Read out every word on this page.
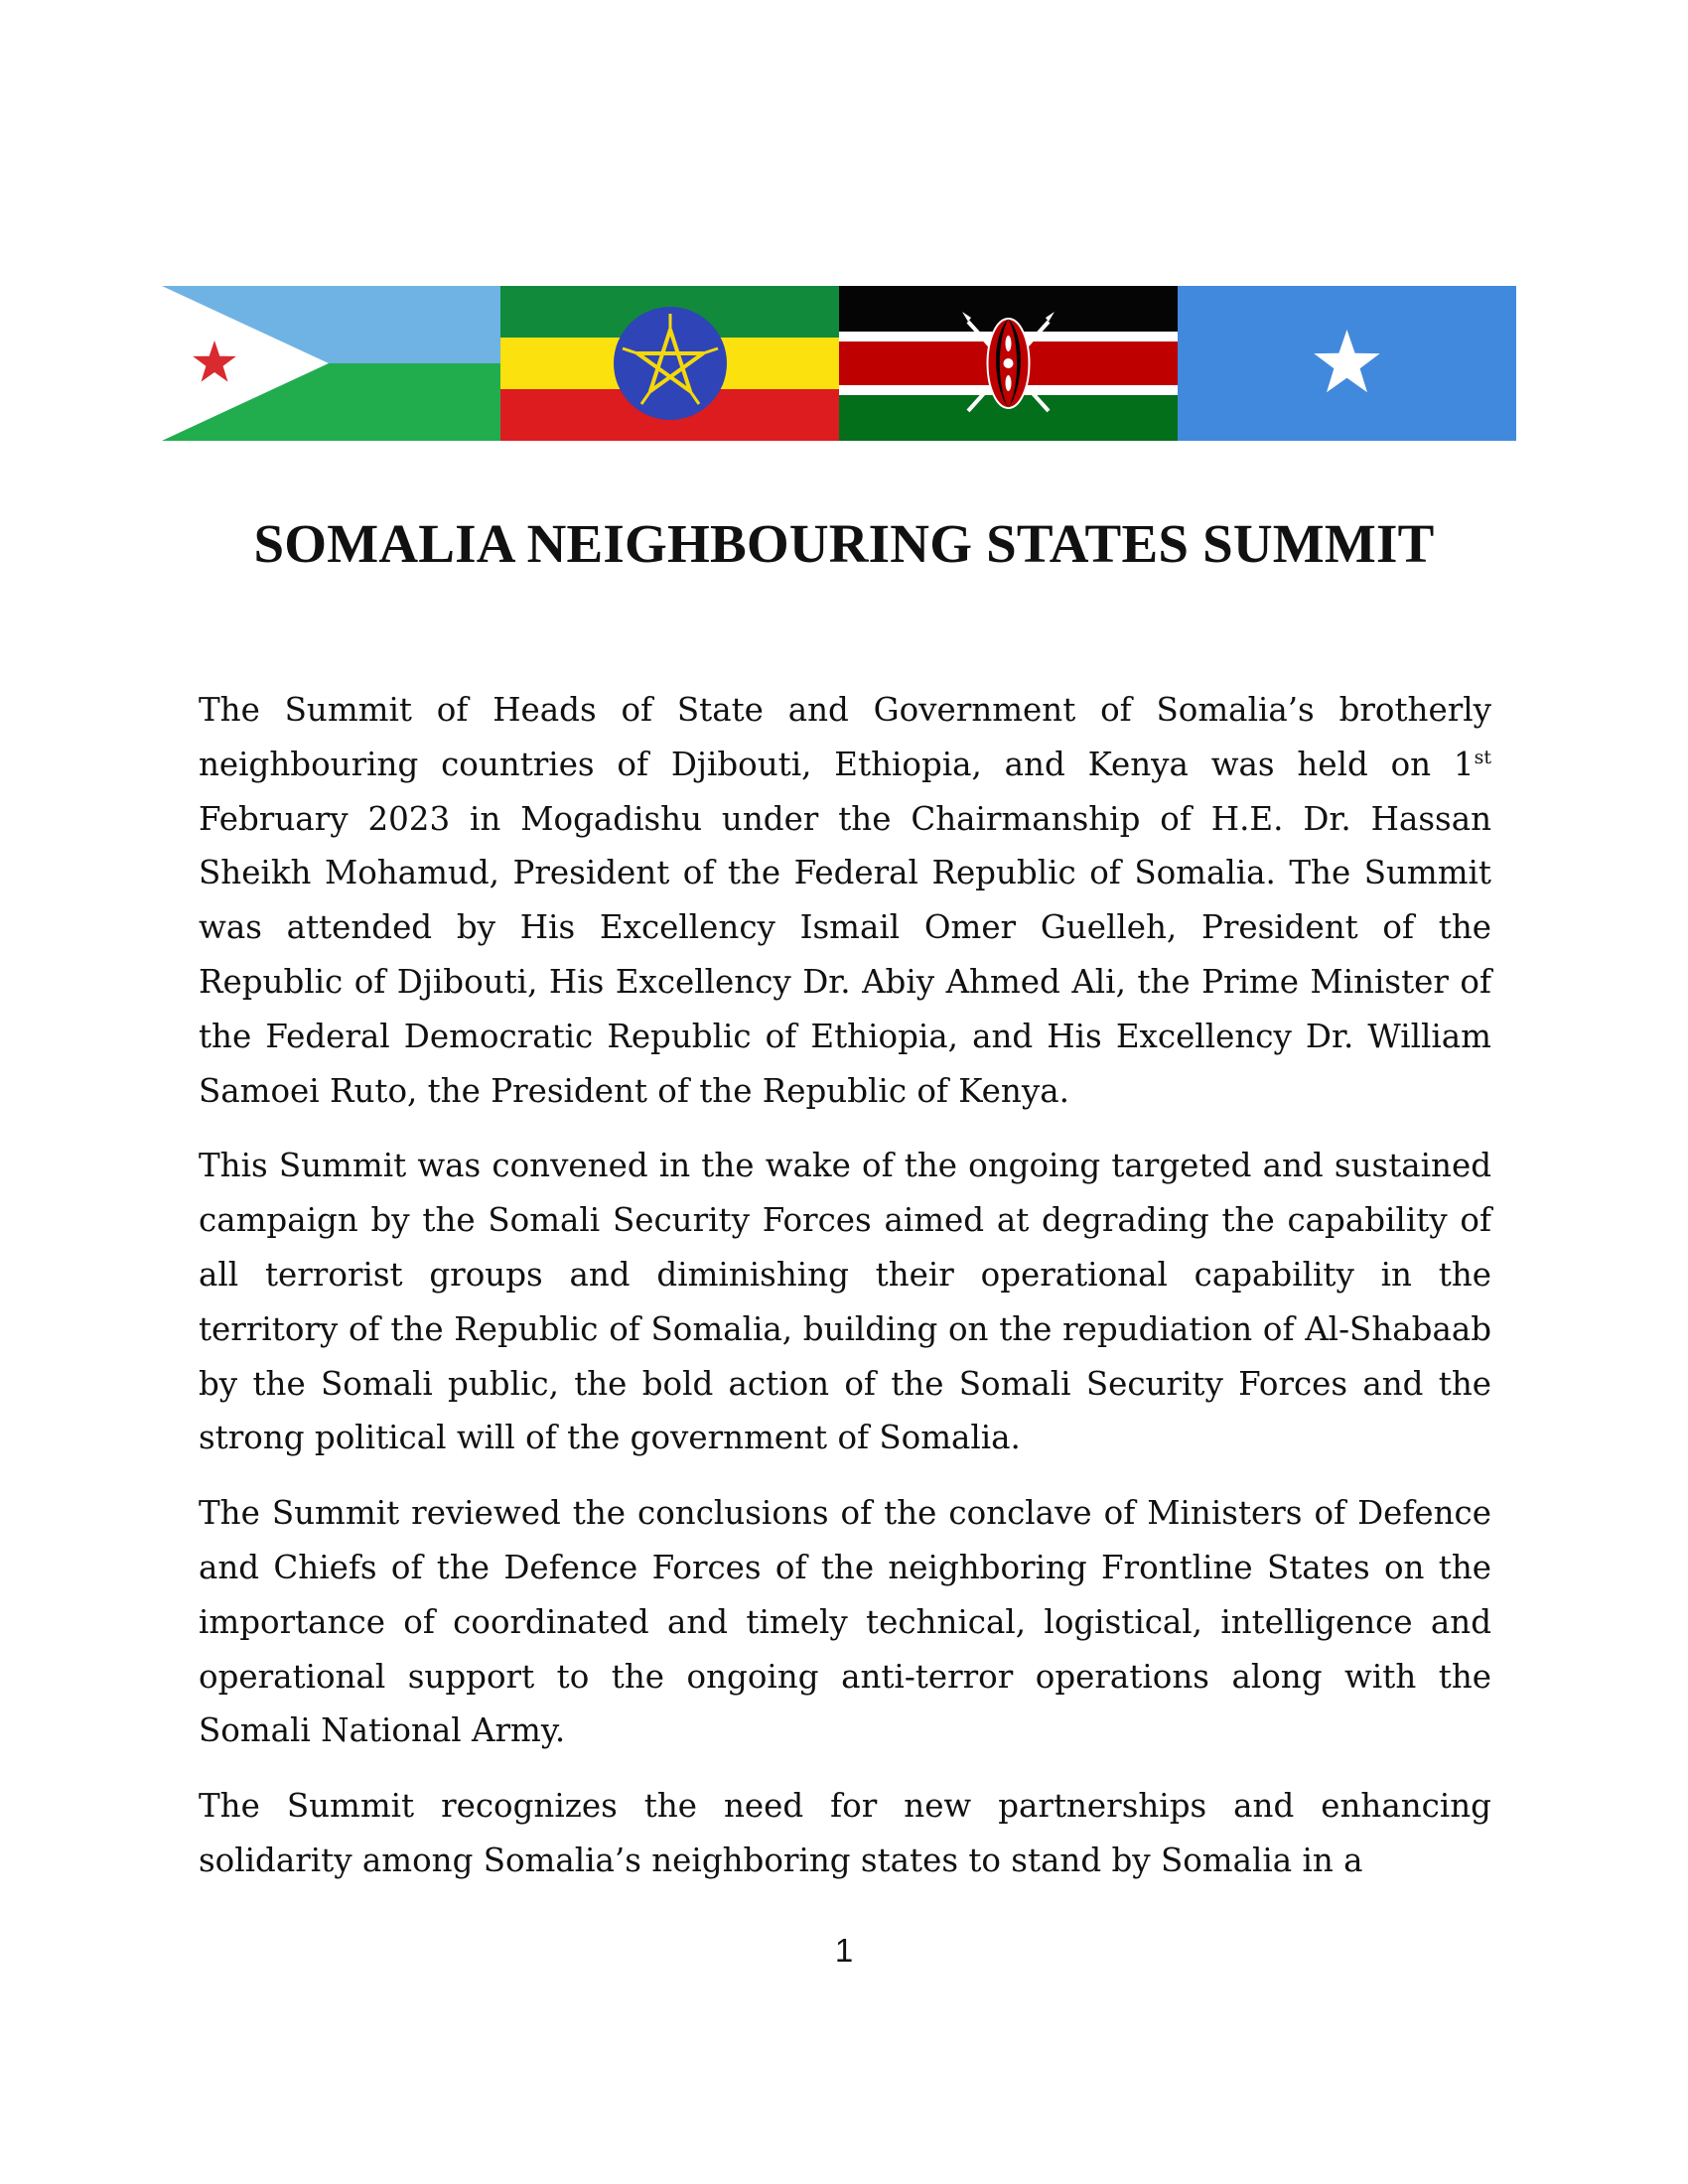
SOMALIA NEIGHBOURING STATES SUMMIT

The Summit of Heads of State and Government of Somalia’s brotherly neighbouring countries of Djibouti, Ethiopia, and Kenya was held on 1st February 2023 in Mogadishu under the Chairmanship of H.E. Dr. Hassan Sheikh Mohamud, President of the Federal Republic of Somalia. The Summit was attended by His Excellency Ismail Omer Guelleh, President of the Republic of Djibouti, His Excellency Dr. Abiy Ahmed Ali, the Prime Minister of the Federal Democratic Republic of Ethiopia, and His Excellency Dr. William Samoei Ruto, the President of the Republic of Kenya.

This Summit was convened in the wake of the ongoing targeted and sustained campaign by the Somali Security Forces aimed at degrading the capability of all terrorist groups and diminishing their operational capability in the territory of the Republic of Somalia, building on the repudiation of Al-Shabaab by the Somali public, the bold action of the Somali Security Forces and the strong political will of the government of Somalia.

The Summit reviewed the conclusions of the conclave of Ministers of Defence and Chiefs of the Defence Forces of the neighboring Frontline States on the importance of coordinated and timely technical, logistical, intelligence and operational support to the ongoing anti-terror operations along with the Somali National Army.

The Summit recognizes the need for new partnerships and enhancing solidarity among Somalia’s neighboring states to stand by Somalia in a

1
